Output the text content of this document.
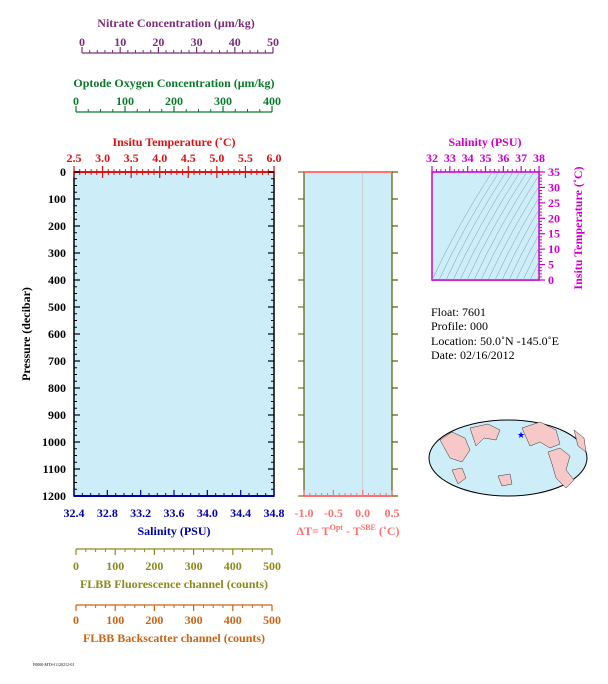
Nitrate Concentration (μm/kg)
0 10 20 30 40 50
Optode Oxygen Concentration (μm/kg)
0	100	200	300	400
Insitu Temperature (˚C)
2.5 3.0 3.5 4.0 4.5 5.0 5.5 6.0
0
100
200
300
400
500
600
700
800
900
1000
1100
1200
Pressure (decibar)
32.4 32.8 33.2 33.6 34.0 34.4 34.8
Salinity (PSU)
-1.0 -0.5 0.0 0.5
$\Delta T= T^{Opt} - T^{SBE}$ (˚C)
0 100 200 300 400 500
FLBB Fluorescence channel (counts)
0 100 200 300 400 500
FLBB Backscatter channel (counts)
Salinity (PSU)
32 33 34 35 36 37 38
0
5
10
15
20
25
30
35 Insitu Temperature (˚C)
Float: 7601
Profile: 000
Location: 50.0˚N -145.0˚E
Date: 02/16/2012
★
F0000-MTS-G120212-01
